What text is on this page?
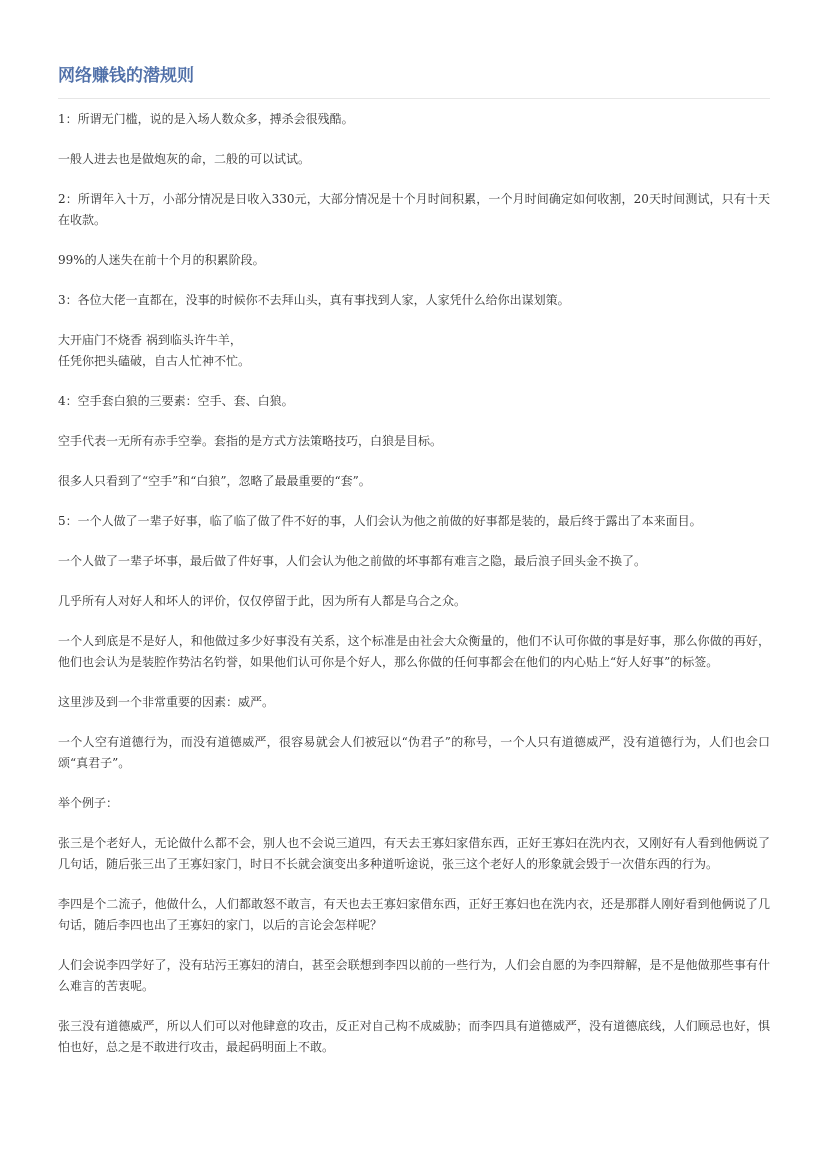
网络赚钱的潜规则

1：所谓无门槛，说的是入场人数众多，搏杀会很残酷。

一般人进去也是做炮灰的命，二般的可以试试。

2：所谓年入十万，小部分情况是日收入330元，大部分情况是十个月时间积累，一个月时间确定如何收割，20天时间测试，只有十天在收款。

99%的人迷失在前十个月的积累阶段。

3：各位大佬一直都在，没事的时候你不去拜山头，真有事找到人家，人家凭什么给你出谋划策。

大开庙门不烧香 祸到临头许牛羊，
任凭你把头磕破，自古人忙神不忙。

4：空手套白狼的三要素：空手、套、白狼。

空手代表一无所有赤手空拳。套指的是方式方法策略技巧，白狼是目标。

很多人只看到了“空手”和“白狼”，忽略了最最重要的“套”。

5：一个人做了一辈子好事，临了临了做了件不好的事，人们会认为他之前做的好事都是装的，最后终于露出了本来面目。

一个人做了一辈子坏事，最后做了件好事，人们会认为他之前做的坏事都有难言之隐，最后浪子回头金不换了。

几乎所有人对好人和坏人的评价，仅仅停留于此，因为所有人都是乌合之众。

一个人到底是不是好人，和他做过多少好事没有关系，这个标准是由社会大众衡量的，他们不认可你做的事是好事，那么你做的再好，他们也会认为是装腔作势沽名钓誉，如果他们认可你是个好人，那么你做的任何事都会在他们的内心贴上“好人好事”的标签。

这里涉及到一个非常重要的因素：威严。

一个人空有道德行为，而没有道德威严，很容易就会人们被冠以“伪君子”的称号，一个人只有道德威严，没有道德行为，人们也会口颂“真君子”。

举个例子：

张三是个老好人，无论做什么都不会，别人也不会说三道四，有天去王寡妇家借东西，正好王寡妇在洗内衣，又刚好有人看到他俩说了几句话，随后张三出了王寡妇家门，时日不长就会演变出多种道听途说，张三这个老好人的形象就会毁于一次借东西的行为。

李四是个二流子，他做什么，人们都敢怒不敢言，有天也去王寡妇家借东西，正好王寡妇也在洗内衣，还是那群人刚好看到他俩说了几句话，随后李四也出了王寡妇的家门，以后的言论会怎样呢？

人们会说李四学好了，没有玷污王寡妇的清白，甚至会联想到李四以前的一些行为，人们会自愿的为李四辩解，是不是他做那些事有什么难言的苦衷呢。

张三没有道德威严，所以人们可以对他肆意的攻击，反正对自己构不成威胁；而李四具有道德威严，没有道德底线，人们顾忌也好，惧怕也好，总之是不敢进行攻击，最起码明面上不敢。
